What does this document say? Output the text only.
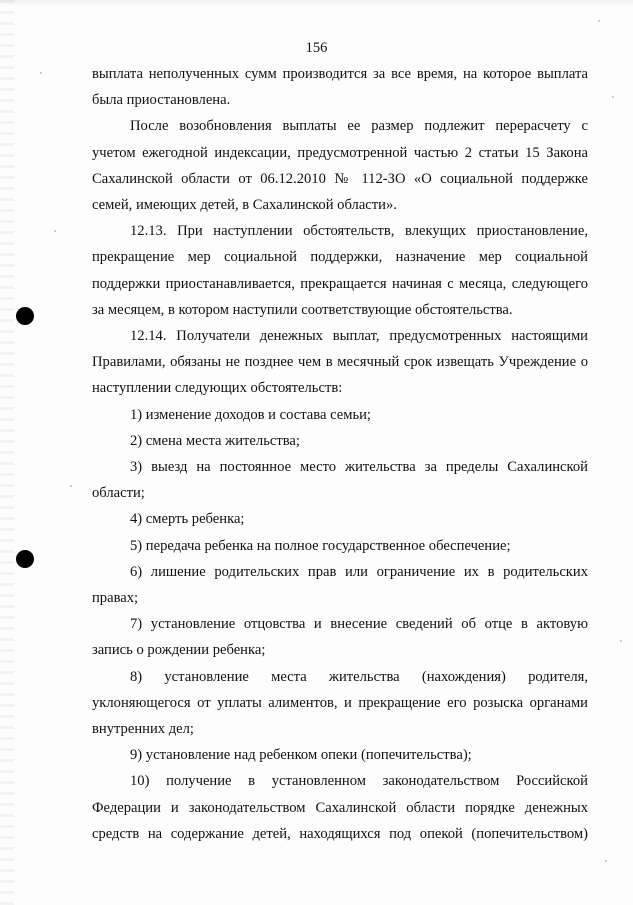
156
выплата неполученных сумм производится за все время, на которое выплата
была приостановлена.
После возобновления выплаты ее размер подлежит перерасчету с
учетом ежегодной индексации, предусмотренной частью 2 статьи 15 Закона
Сахалинской области от 06.12.2010 № 112-ЗО «О социальной поддержке
семей, имеющих детей, в Сахалинской области».
12.13. При наступлении обстоятельств, влекущих приостановление,
прекращение мер социальной поддержки, назначение мер социальной
поддержки приостанавливается, прекращается начиная с месяца, следующего
за месяцем, в котором наступили соответствующие обстоятельства.
12.14. Получатели денежных выплат, предусмотренных настоящими
Правилами, обязаны не позднее чем в месячный срок извещать Учреждение о
наступлении следующих обстоятельств:
1) изменение доходов и состава семьи;
2) смена места жительства;
3) выезд на постоянное место жительства за пределы Сахалинской
области;
4) смерть ребенка;
5) передача ребенка на полное государственное обеспечение;
6) лишение родительских прав или ограничение их в родительских
правах;
7) установление отцовства и внесение сведений об отце в актовую
запись о рождении ребенка;
8) установление места жительства (нахождения) родителя,
уклоняющегося от уплаты алиментов, и прекращение его розыска органами
внутренних дел;
9) установление над ребенком опеки (попечительства);
10) получение в установленном законодательством Российской
Федерации и законодательством Сахалинской области порядке денежных
средств на содержание детей, находящихся под опекой (попечительством)
